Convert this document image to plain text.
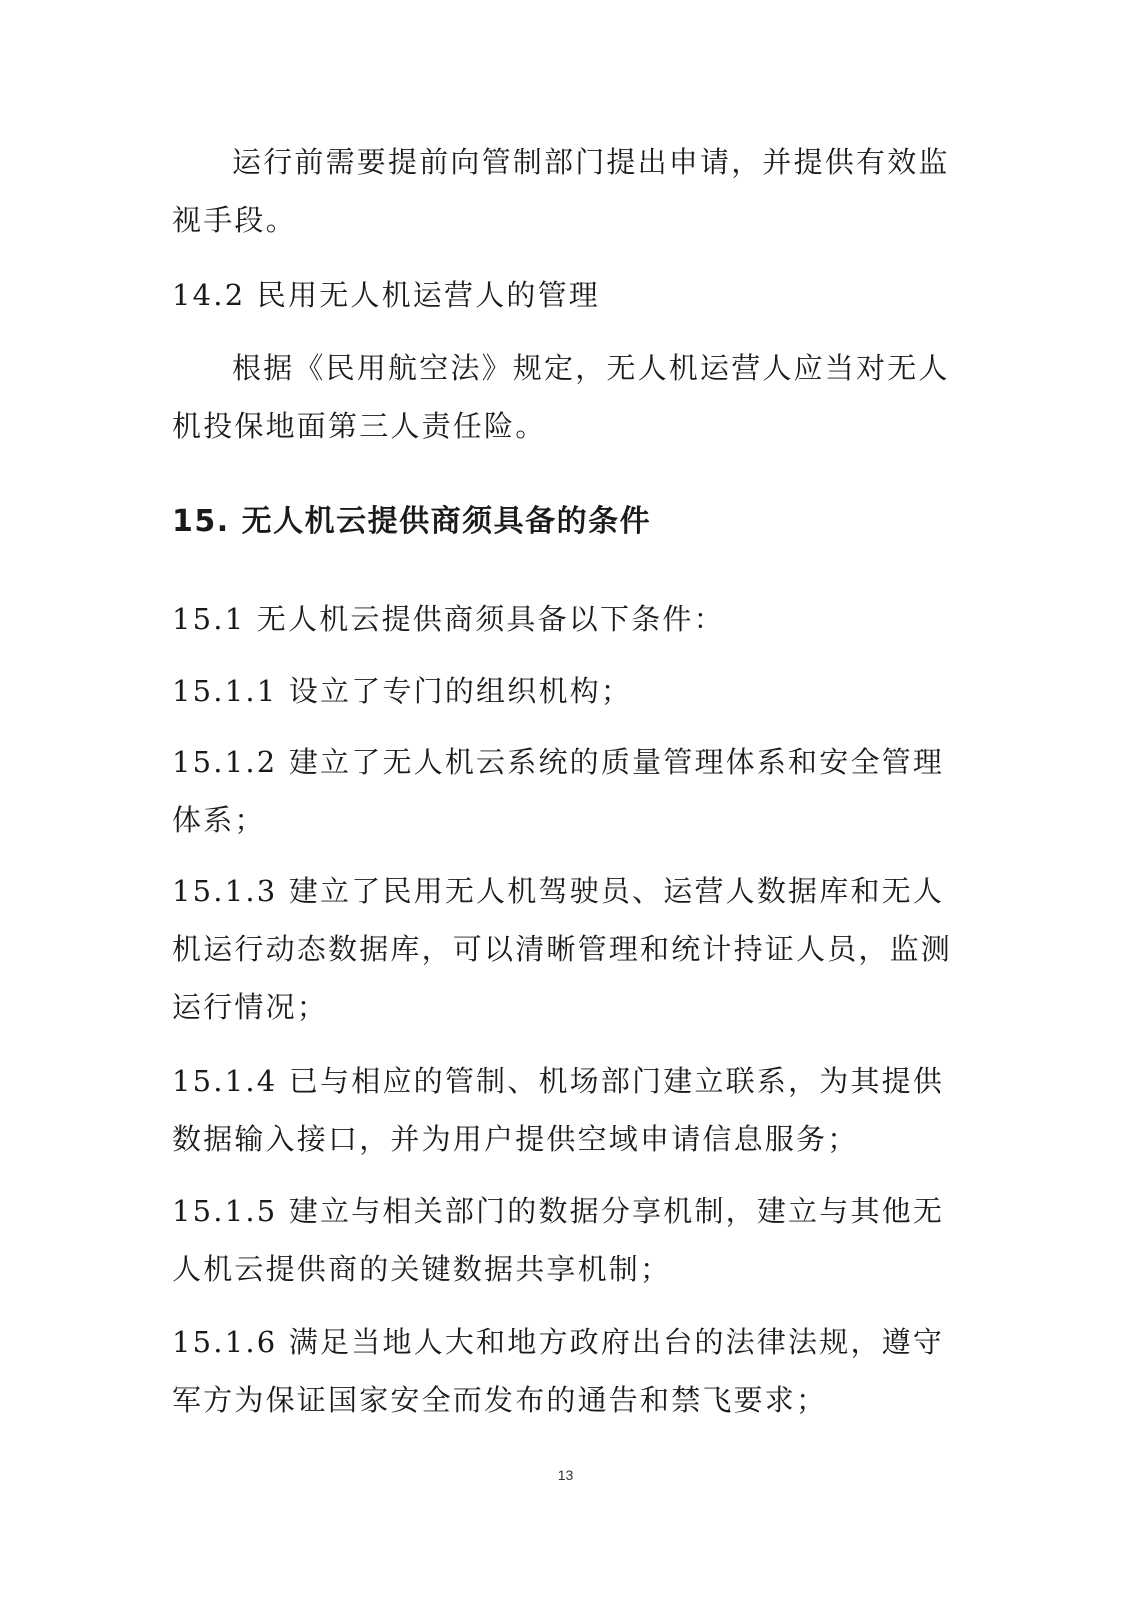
运行前需要提前向管制部门提出申请，并提供有效监视手段。

14.2 民用无人机运营人的管理

根据《民用航空法》规定，无人机运营人应当对无人机投保地面第三人责任险。

15. 无人机云提供商须具备的条件

15.1 无人机云提供商须具备以下条件：

15.1.1 设立了专门的组织机构；

15.1.2 建立了无人机云系统的质量管理体系和安全管理体系；

15.1.3 建立了民用无人机驾驶员、运营人数据库和无人机运行动态数据库，可以清晰管理和统计持证人员，监测运行情况；

15.1.4 已与相应的管制、机场部门建立联系，为其提供数据输入接口，并为用户提供空域申请信息服务；

15.1.5 建立与相关部门的数据分享机制，建立与其他无人机云提供商的关键数据共享机制；

15.1.6 满足当地人大和地方政府出台的法律法规，遵守军方为保证国家安全而发布的通告和禁飞要求；

13
